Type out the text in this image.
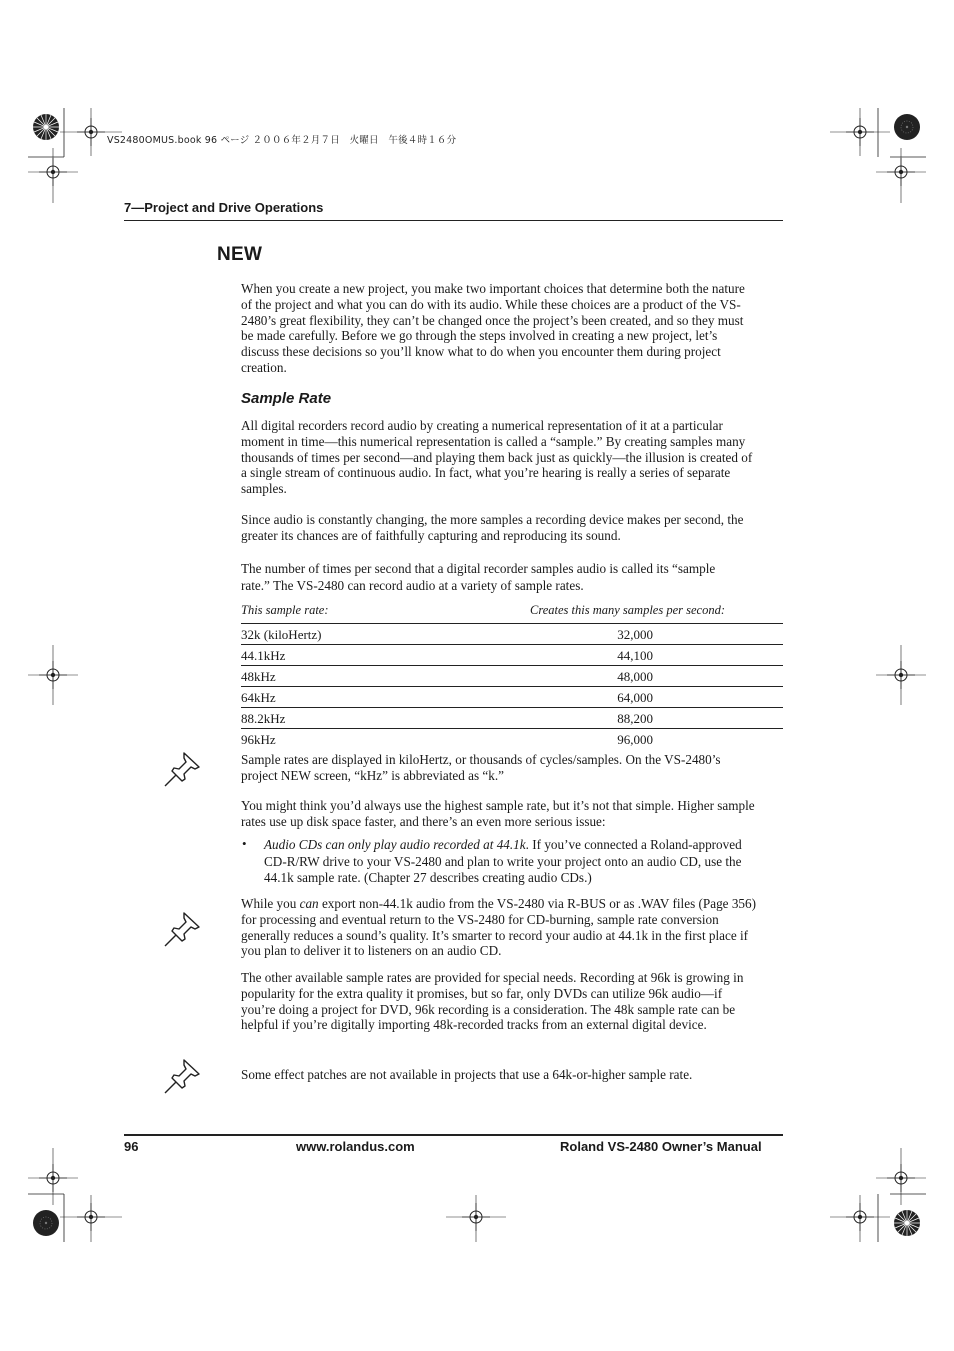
VS2480OMUS.book 96 ページ ２００６年２月７日　火曜日　午後４時１６分
7—Project and Drive Operations
NEW

When you create a new project, you make two important choices that determine both the nature of the project and what you can do with its audio. While these choices are a product of the VS-2480’s great flexibility, they can’t be changed once the project’s been created, and so they must be made carefully. Before we go through the steps involved in creating a new project, let’s discuss these decisions so you’ll know what to do when you encounter them during project creation.

Sample Rate

All digital recorders record audio by creating a numerical representation of it at a particular moment in time—this numerical representation is called a “sample.” By creating samples many thousands of times per second—and playing them back just as quickly—the illusion is created of a single stream of continuous audio. In fact, what you’re hearing is really a series of separate samples.

Since audio is constantly changing, the more samples a recording device makes per second, the greater its chances are of faithfully capturing and reproducing its sound.

The number of times per second that a digital recorder samples audio is called its “sample rate.” The VS-2480 can record audio at a variety of sample rates.

This sample rate:	Creates this many samples per second:
32k (kiloHertz)	32,000
44.1kHz	44,100
48kHz	48,000
64kHz	64,000
88.2kHz	88,200
96kHz	96,000

Sample rates are displayed in kiloHertz, or thousands of cycles/samples. On the VS-2480’s project NEW screen, “kHz” is abbreviated as “k.”

You might think you’d always use the highest sample rate, but it’s not that simple. Higher sample rates use up disk space faster, and there’s an even more serious issue:

• Audio CDs can only play audio recorded at 44.1k. If you’ve connected a Roland-approved CD-R/RW drive to your VS-2480 and plan to write your project onto an audio CD, use the 44.1k sample rate. (Chapter 27 describes creating audio CDs.)

While you can export non-44.1k audio from the VS-2480 via R-BUS or as .WAV files (Page 356) for processing and eventual return to the VS-2480 for CD-burning, sample rate conversion generally reduces a sound’s quality. It’s smarter to record your audio at 44.1k in the first place if you plan to deliver it to listeners on an audio CD.

The other available sample rates are provided for special needs. Recording at 96k is growing in popularity for the extra quality it promises, but so far, only DVDs can utilize 96k audio—if you’re doing a project for DVD, 96k recording is a consideration. The 48k sample rate can be helpful if you’re digitally importing 48k-recorded tracks from an external digital device.

Some effect patches are not available in projects that use a 64k-or-higher sample rate.

96	www.rolandus.com	Roland VS-2480 Owner’s Manual
